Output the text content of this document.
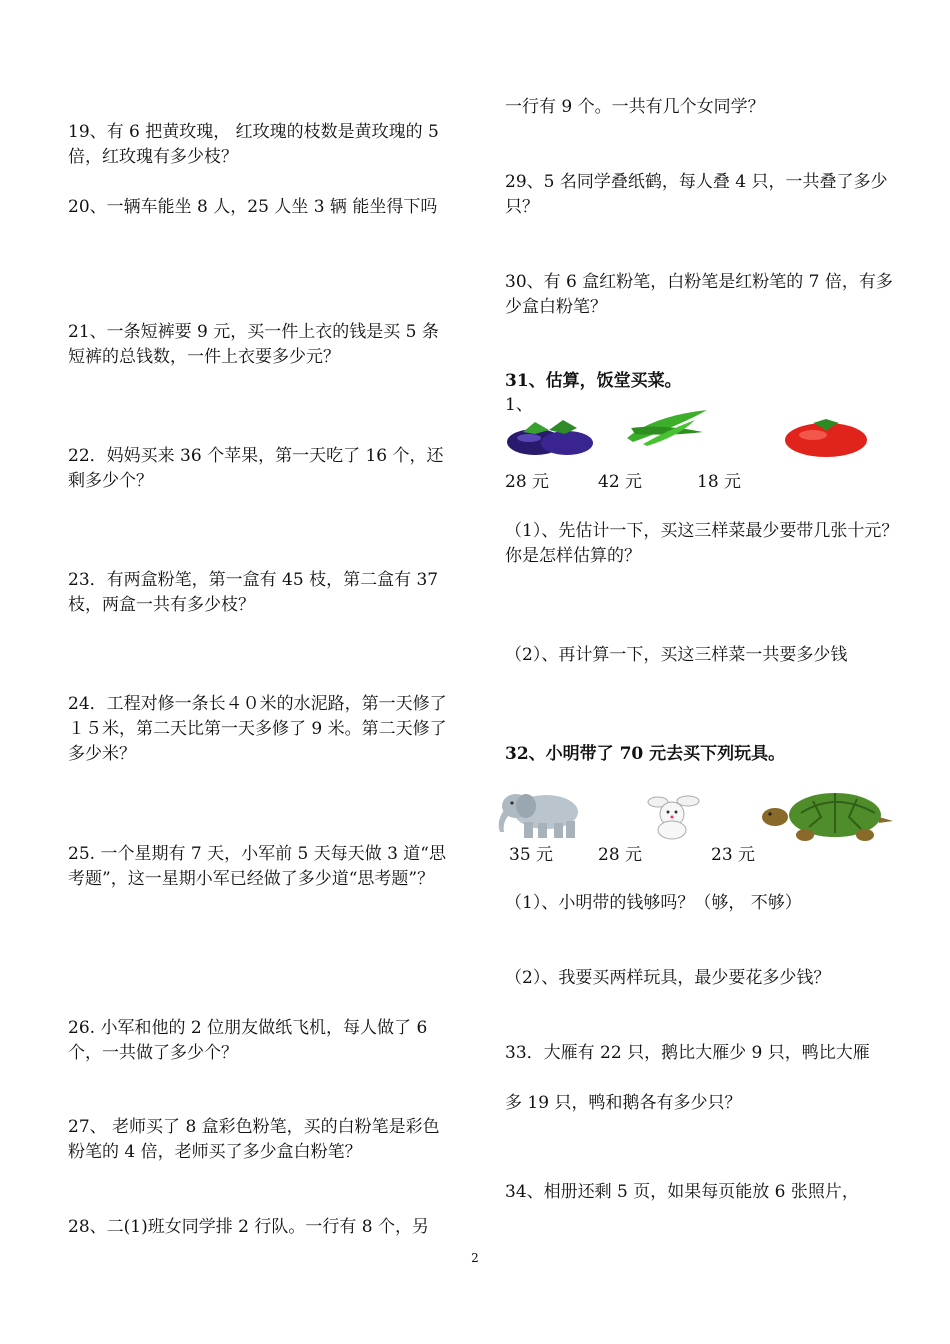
19、有 6 把黄玫瑰， 红玫瑰的枝数是黄玫瑰的 5 倍，红玫瑰有多少枝？

20、一辆车能坐 8 人，25 人坐 3 辆 能坐得下吗

21、一条短裤要 9 元，买一件上衣的钱是买 5 条短裤的总钱数，一件上衣要多少元？

22．妈妈买来 36 个苹果，第一天吃了 16 个，还剩多少个？

23．有两盒粉笔，第一盒有 45 枝，第二盒有 37 枝，两盒一共有多少枝？

24．工程对修一条长４０米的水泥路，第一天修了１５米，第二天比第一天多修了 9 米。第二天修了多少米？

25. 一个星期有 7 天，小军前 5 天每天做 3 道“思考题”，这一星期小军已经做了多少道“思考题”？

26. 小军和他的 2 位朋友做纸飞机，每人做了 6 个，一共做了多少个？

27、 老师买了 8 盒彩色粉笔，买的白粉笔是彩色粉笔的 4 倍，老师买了多少盒白粉笔？

28、二(1)班女同学排 2 行队。一行有 8 个，另

一行有 9 个。一共有几个女同学？

29、5 名同学叠纸鹤，每人叠 4 只，一共叠了多少只？

30、有 6 盒红粉笔，白粉笔是红粉笔的 7 倍，有多少盒白粉笔？

31、估算，饭堂买菜。

1、

28 元	42 元	18 元

（1）、先估计一下，买这三样菜最少要带几张十元？你是怎样估算的？

（2）、再计算一下，买这三样菜一共要多少钱

32、小明带了 70 元去买下列玩具。

35 元	28 元	23 元

（1）、小明带的钱够吗？（够， 不够）

（2）、我要买两样玩具，最少要花多少钱？

33．大雁有 22 只，鹅比大雁少 9 只，鸭比大雁

多 19 只，鸭和鹅各有多少只？

34、相册还剩 5 页，如果每页能放 6 张照片，

2
